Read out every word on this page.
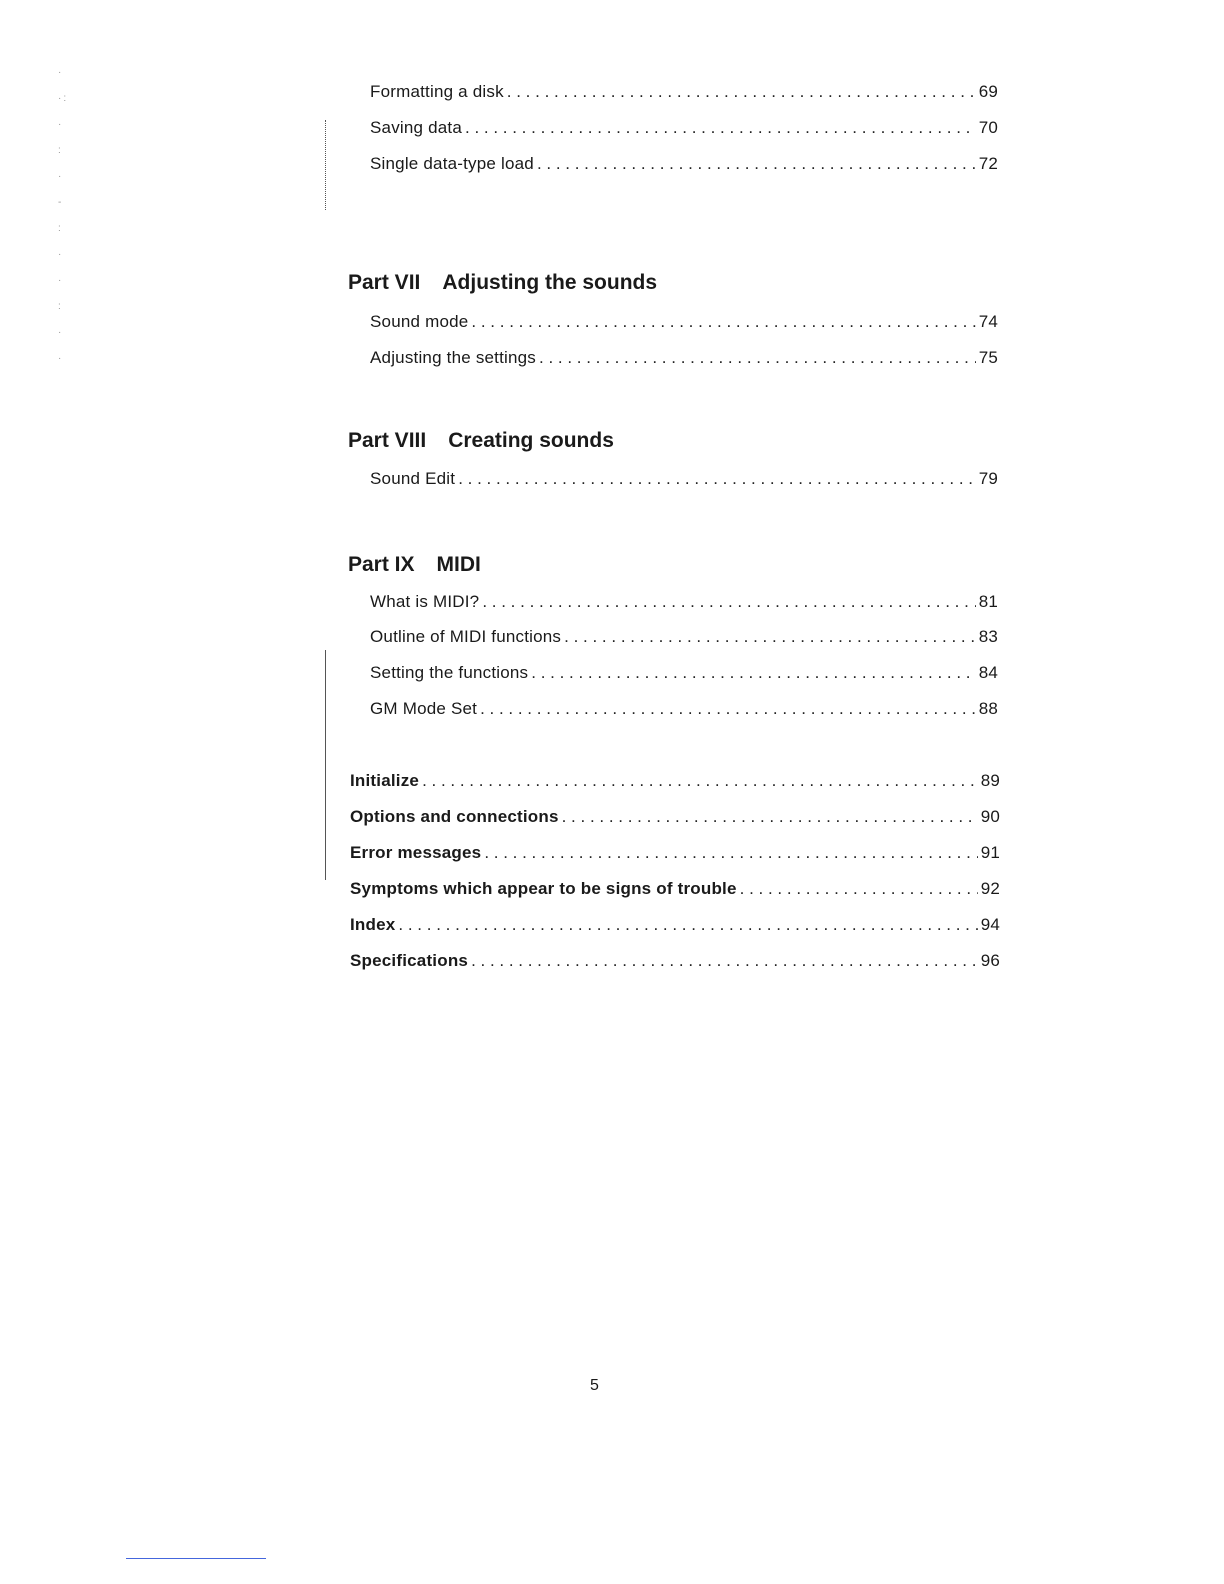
·
·:
·
:
·
-
:
·
·
:
·
·
Formatting a disk . . .	69
Saving data . . .	70
Single data-type load . . .	72
Part VII Adjusting the sounds
Sound mode . . .	74
Adjusting the settings . . .	75
Part VIII Creating sounds
Sound Edit . . .	79
Part IX MIDI
What is MIDI? . . .	81
Outline of MIDI functions . . .	83
Setting the functions . . .	84
GM Mode Set . . .	88
Initialize . . .	89
Options and connections . . .	90
Error messages . . .	91
Symptoms which appear to be signs of trouble . . .	92
Index . . .	94
Specifications . . .	96
5
